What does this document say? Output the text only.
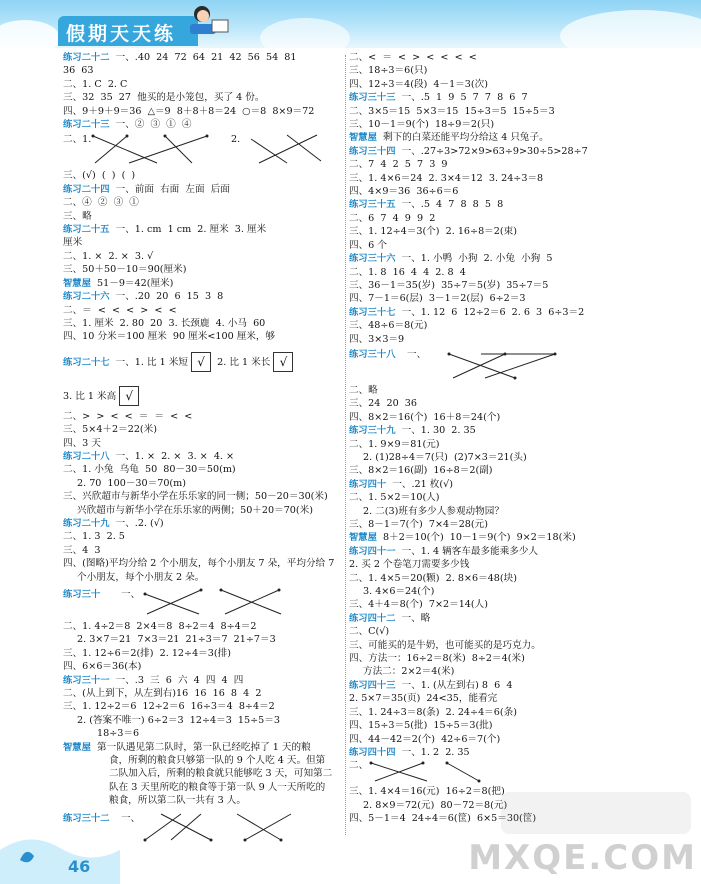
假期天天练
练习二十二 一、.40  24  72  64  21  42  56  54  81
36  63
二、1. C  2. C
三、32  35  27  他买的是小笼包，买了 4 份。
四、9＋9＋9＝36  △＝9  8＋8＋8＝24  ○＝8  8×9＝72
练习二十三 一、②  ③  ①  ④
二、1.	2.
三、(√)  (  )  (  )
练习二十四 一、前面  右面  左面  后面
二、④  ②  ③  ①
三、略
练习二十五 一、1. cm  1 cm  2. 厘米  3. 厘米
厘米
二、1. ×  2. ×  3. √
三、50＋50－10＝90(厘米)
智慧屋 51－9＝42(厘米)
练习二十六 一、.20  20  6  15  3  8
二、＝  <  <  <  >  <  <
三、1. 厘米  2. 80  20  3. 长颈鹿  4. 小马  60
四、10 分米＝100 厘米  90 厘米<100 厘米，够
练习二十七 一、1. 比 1 米短 √ 2. 比 1 米长 √
3. 比 1 米高 √
二、>  >  <  <  ＝  ＝  <  <
三、5×4＋2＝22(米)
四、3 天
练习二十八 一、1. ×  2. ×  3. ×  4. ×
二、1. 小兔  乌龟  50  80－30＝50(m)
2. 70  100－30＝70(m)
三、兴欣超市与新华小学在乐乐家的同一侧；50－20＝30(米)
兴欣超市与新华小学在乐乐家的两侧；50＋20＝70(米)
练习二十九 一、.2. (√)
二、1. 3  2. 5
三、4  3
四、(图略)平均分给 2 个小朋友，每个小朋友 7 朵，平均分给 7
个小朋友，每个小朋友 2 朵。
练习三十 一、
二、1. 4÷2＝8  2×4＝8  8÷2＝4  8÷4＝2
2. 3×7＝21  7×3＝21  21÷3＝7  21÷7＝3
三、1. 12÷6＝2(排)  2. 12÷4＝3(排)
四、6×6＝36(本)
练习三十一 一、.3  三  6  六  4  四  4  四
二、(从上到下，从左到右)16  16  16  8  4  2
三、1. 12÷2＝6  12÷2＝6  16÷3＝4  8÷4＝2
2. (答案不唯一) 6÷2＝3  12÷4＝3  15÷5＝3
18÷3＝6
智慧屋 第一队遇见第二队时，第一队已经吃掉了 1 天的粮
食，所剩的粮食只够第一队的 9 个人吃 4 天。但第
二队加入后，所剩的粮食就只能够吃 3 天，可知第二
队在 3 天里所吃的粮食等于第一队 9 人一天所吃的
粮食，所以第二队一共有 3 人。
练习三十二 一、
二、<  ＝  <  >  <  <  <  <
三、18÷3＝6(只)
四、12÷3＝4(段)  4－1＝3(次)
练习三十三 一、.5  1  9  5  7  7  8  6  7
二、3×5＝15  5×3＝15  15÷3＝5  15÷5＝3
三、10－1＝9(个)  18÷9＝2(只)
智慧屋 剩下的白菜还能平均分给这 4 只兔子。
练习三十四 一、.27÷3>72×9>63÷9>30÷5>28÷7
二、7  4  2  5  7  3  9
三、1. 4×6＝24  2. 3×4＝12  3. 24÷3＝8
四、4×9＝36  36÷6＝6
练习三十五 一、.5  4  7  8  8  5  8
二、6  7  4  9  9  2
三、1. 12÷4＝3(个)  2. 16÷8＝2(束)
四、6 个
练习三十六 一、1. 小鸭  小狗  2. 小兔  小狗  5
二、1. 8  16  4  4  2. 8  4
三、36－1＝35(岁)  35÷7＝5(岁)  35÷7＝5
四、7－1＝6(层)  3－1＝2(层)  6÷2＝3
练习三十七 一、1. 12  6  12÷2＝6  2. 6  3  6÷3＝2
三、48÷6＝8(元)
四、3×3＝9
练习三十八 一、
二、略
三、24  20  36
四、8×2＝16(个)  16＋8＝24(个)
练习三十九 一、1. 30  2. 35
二、1. 9×9＝81(元)
2. (1)28÷4＝7(只)  (2)7×3＝21(头)
三、8×2＝16(副)  16÷8＝2(副)
练习四十 一、.21 枚(√)
二、1. 5×2＝10(人)
2. 二(3)班有多少人参观动物园？
三、8－1＝7(个)  7×4＝28(元)
智慧屋 8＋2＝10(个)  10－1＝9(个)  9×2＝18(米)
练习四十一 一、1. 4 辆客车最多能乘多少人
2. 买 2 个卷笔刀需要多少钱
二、1. 4×5＝20(颗)  2. 8×6＝48(块)
3. 4×6＝24(个)
三、4＋4＝8(个)  7×2＝14(人)
练习四十二 一、略
二、C(√)
三、可能买的是牛奶，也可能买的是巧克力。
四、方法一：16÷2＝8(米)  8÷2＝4(米)
方法二：2×2＝4(米)
练习四十三 一、1. (从左到右) 8  6  4
2. 5×7＝35(页)  24<35，能看完
三、1. 24÷3＝8(条)  2. 24÷4＝6(条)
四、15÷3＝5(批)  15÷5＝3(批)
四、44－42＝2(个)  42÷6＝7(个)
练习四十四 一、1. 2  2. 35
二、
三、1. 4×4＝16(元)  16÷2＝8(把)
2. 8×9＝72(元)  80－72＝8(元)
四、5－1＝4  24÷4＝6(筐)  6×5＝30(筐)
46	MXQE.COM
